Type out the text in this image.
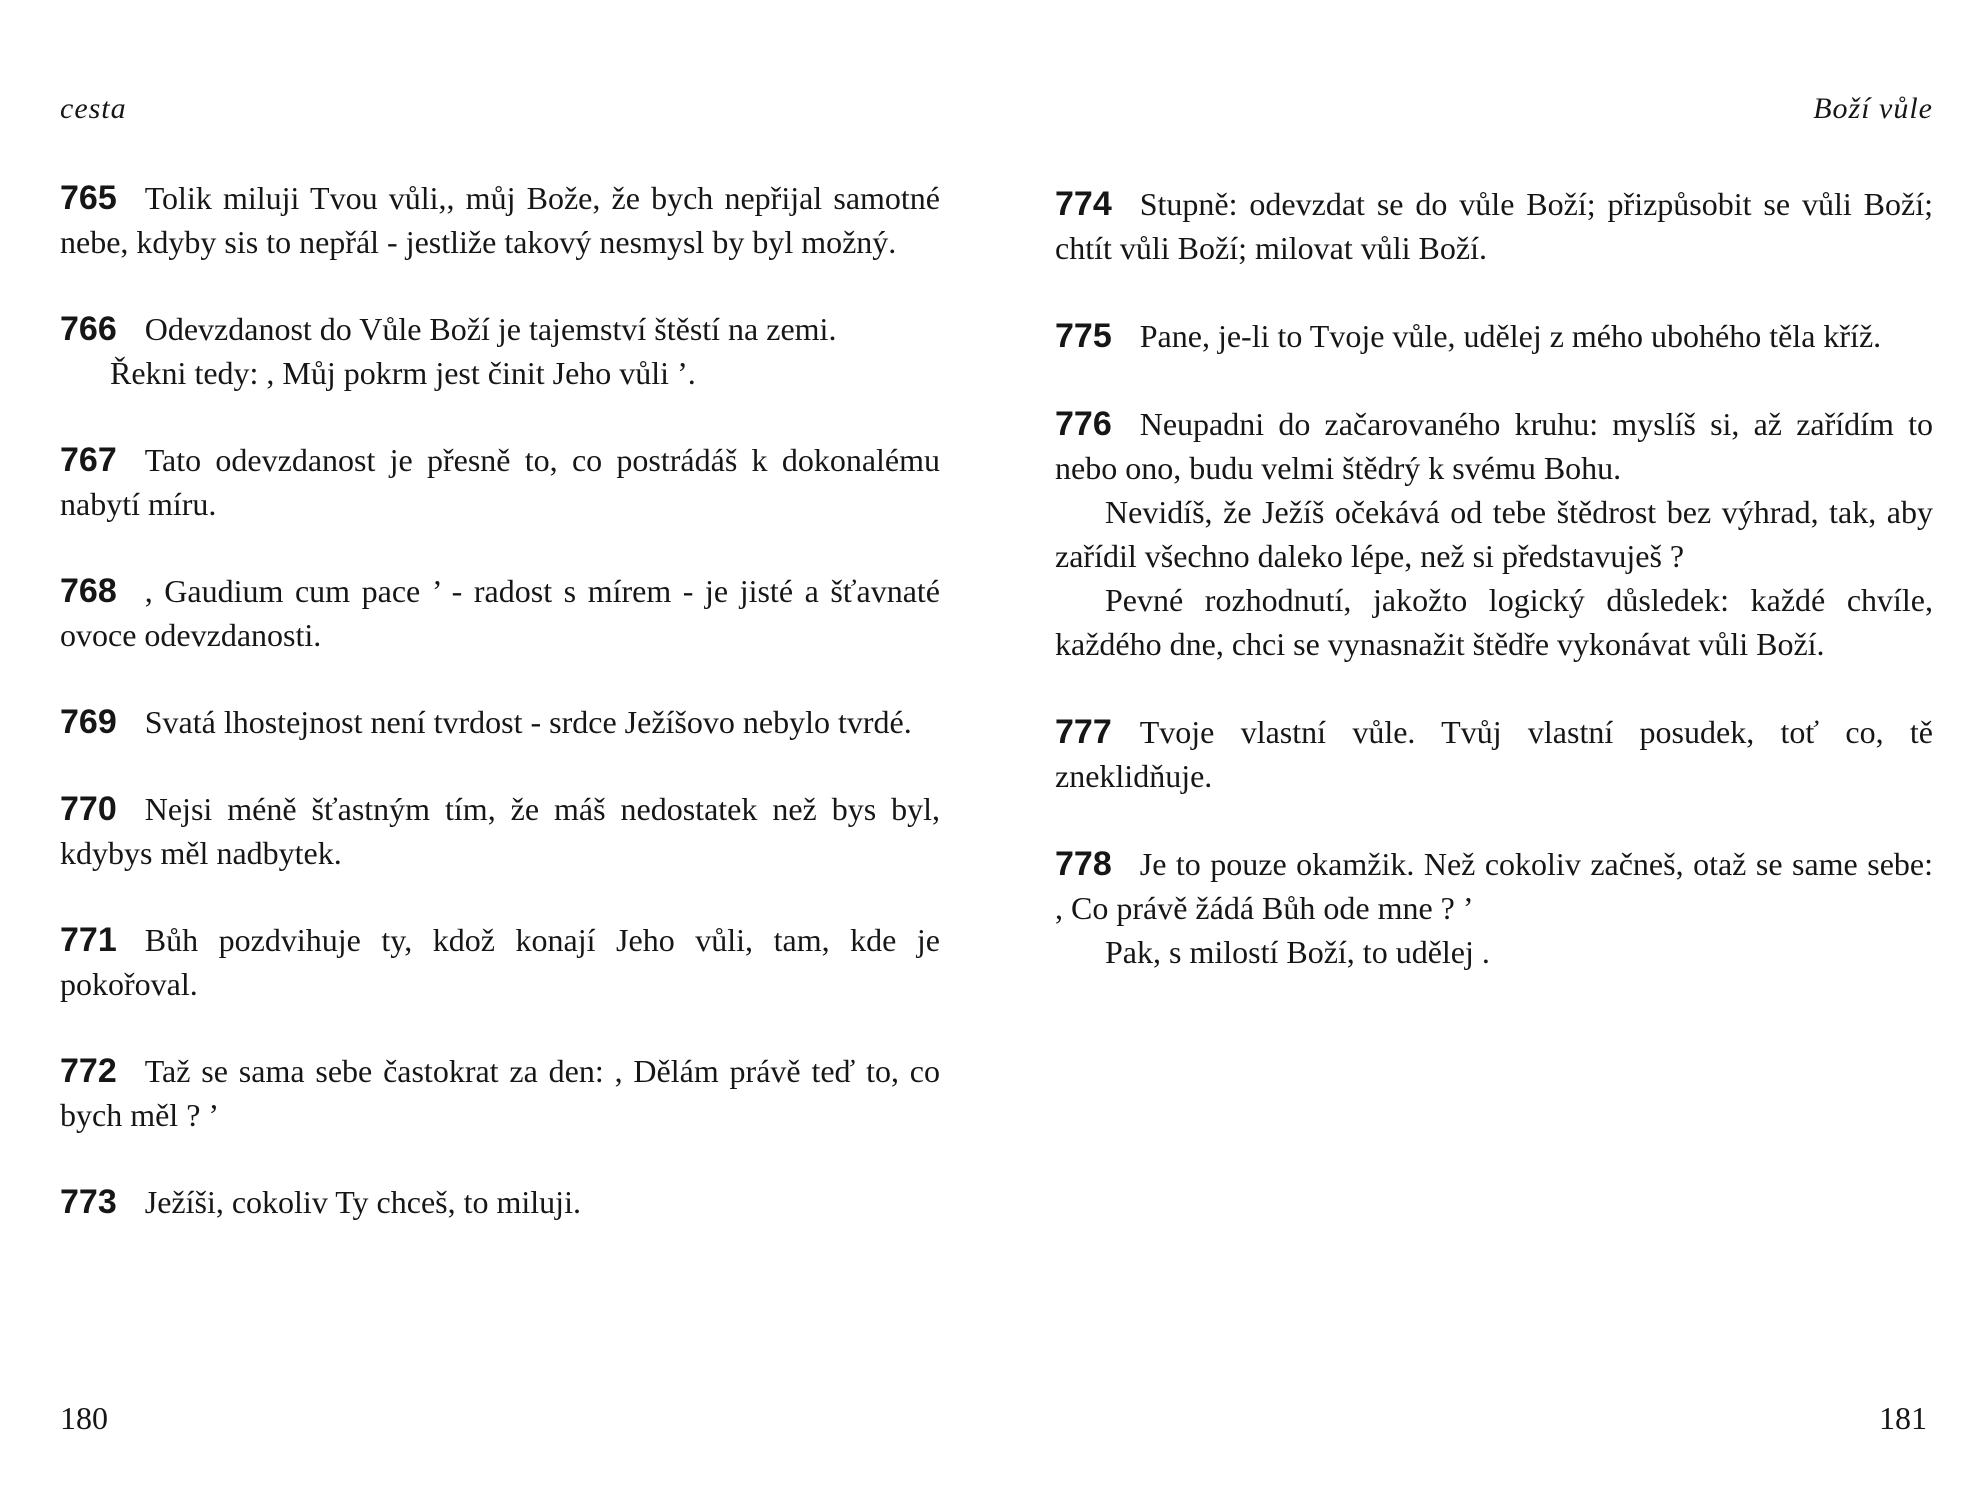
cesta

765 Tolik miluji Tvou vůli,, můj Bože, že bych nepřijal samotné nebe, kdyby sis to nepřál - jestliže takový nesmysl by byl možný.

766 Odevzdanost do Vůle Boží je tajemství štěstí na zemi.

Řekni tedy: , Můj pokrm jest činit Jeho vůli ’.

767 Tato odevzdanost je přesně to, co postrádáš k dokonalému nabytí míru.

768 , Gaudium cum pace ’ - radost s mírem - je jisté a šťavnaté ovoce odevzdanosti.

769 Svatá lhostejnost není tvrdost - srdce Ježíšovo nebylo tvrdé.

770 Nejsi méně šťastným tím, že máš nedostatek než bys byl, kdybys měl nadbytek.

771 Bůh pozdvihuje ty, kdož konají Jeho vůli, tam, kde je pokořoval.

772 Taž se sama sebe častokrat za den: , Dělám právě teď to, co bych měl ? ’

773 Ježíši, cokoliv Ty chceš, to miluji.

180
Boží vůle

774 Stupně: odevzdat se do vůle Boží; přizpůsobit se vůli Boží; chtít vůli Boží; milovat vůli Boží.

775 Pane, je-li to Tvoje vůle, udělej z mého ubohého těla kříž.

776 Neupadni do začarovaného kruhu: myslíš si, až zařídím to nebo ono, budu velmi štědrý k svému Bohu.

Nevidíš, že Ježíš očekává od tebe štědrost bez výhrad, tak, aby zařídil všechno daleko lépe, než si představuješ ?

Pevné rozhodnutí, jakožto logický důsledek: každé chvíle, každého dne, chci se vynasnažit štědře vykonávat vůli Boží.

777 Tvoje vlastní vůle. Tvůj vlastní posudek, toť co, tě zneklidňuje.

778 Je to pouze okamžik. Než cokoliv začneš, otaž se same sebe: , Co právě žádá Bůh ode mne ? ’

Pak, s milostí Boží, to udělej .

181
